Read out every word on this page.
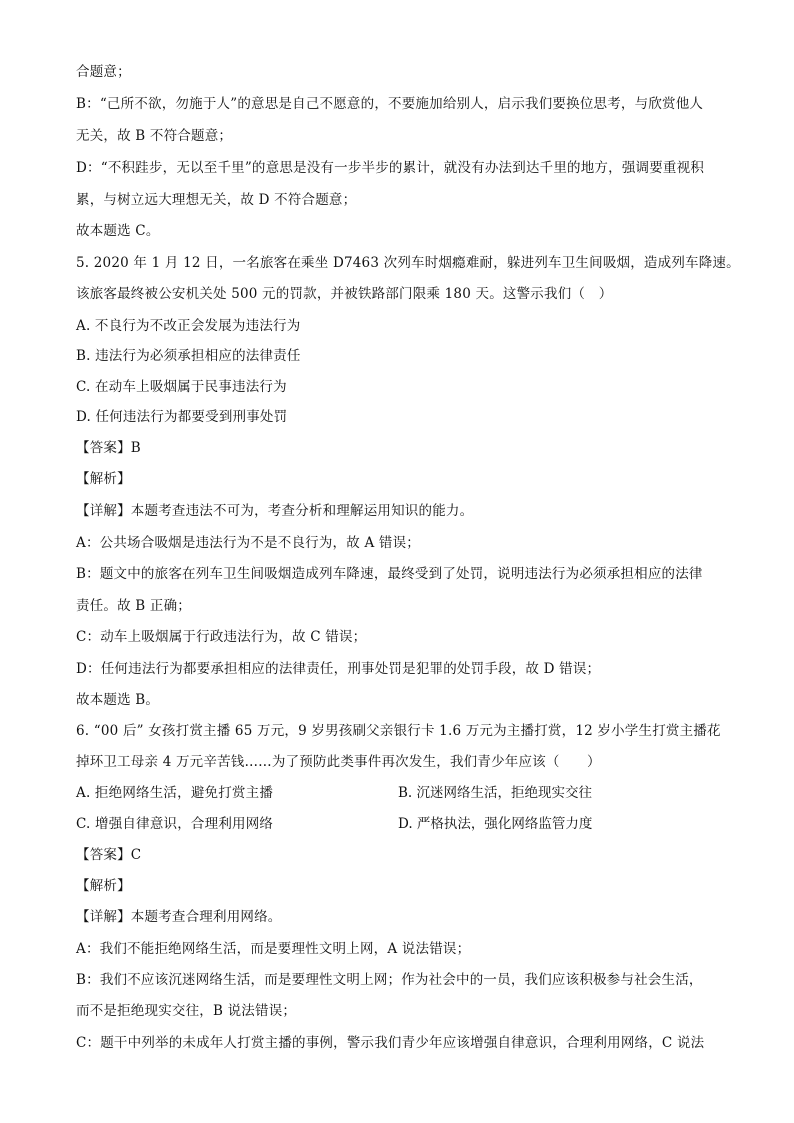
合题意；
B：“己所不欲，勿施于人”的意思是自己不愿意的，不要施加给别人，启示我们要换位思考，与欣赏他人
无关，故 B 不符合题意；
D：“不积跬步，无以至千里”的意思是没有一步半步的累计，就没有办法到达千里的地方，强调要重视积
累，与树立远大理想无关，故 D 不符合题意；
故本题选 C。
5. 2020 年 1 月 12 日，一名旅客在乘坐 D7463 次列车时烟瘾难耐，躲进列车卫生间吸烟，造成列车降速。
该旅客最终被公安机关处 500 元的罚款，并被铁路部门限乘 180 天。这警示我们（　）
A. 不良行为不改正会发展为违法行为
B. 违法行为必须承担相应的法律责任
C. 在动车上吸烟属于民事违法行为
D. 任何违法行为都要受到刑事处罚
【答案】B
【解析】
【详解】本题考查违法不可为，考查分析和理解运用知识的能力。
A：公共场合吸烟是违法行为不是不良行为，故 A 错误；
B：题文中的旅客在列车卫生间吸烟造成列车降速，最终受到了处罚，说明违法行为必须承担相应的法律
责任。故 B 正确；
C：动车上吸烟属于行政违法行为，故 C 错误；
D：任何违法行为都要承担相应的法律责任，刑事处罚是犯罪的处罚手段，故 D 错误；
故本题选 B。
6. “00 后” 女孩打赏主播 65 万元，9 岁男孩刷父亲银行卡 1.6 万元为主播打赏，12 岁小学生打赏主播花
掉环卫工母亲 4 万元辛苦钱……为了预防此类事件再次发生，我们青少年应该（　　）
A. 拒绝网络生活，避免打赏主播	B. 沉迷网络生活，拒绝现实交往
C. 增强自律意识，合理利用网络	D. 严格执法，强化网络监管力度
【答案】C
【解析】
【详解】本题考查合理利用网络。
A：我们不能拒绝网络生活，而是要理性文明上网，A 说法错误；
B：我们不应该沉迷网络生活，而是要理性文明上网；作为社会中的一员，我们应该积极参与社会生活，
而不是拒绝现实交往，B 说法错误；
C：题干中列举的未成年人打赏主播的事例，警示我们青少年应该增强自律意识，合理利用网络，C 说法
